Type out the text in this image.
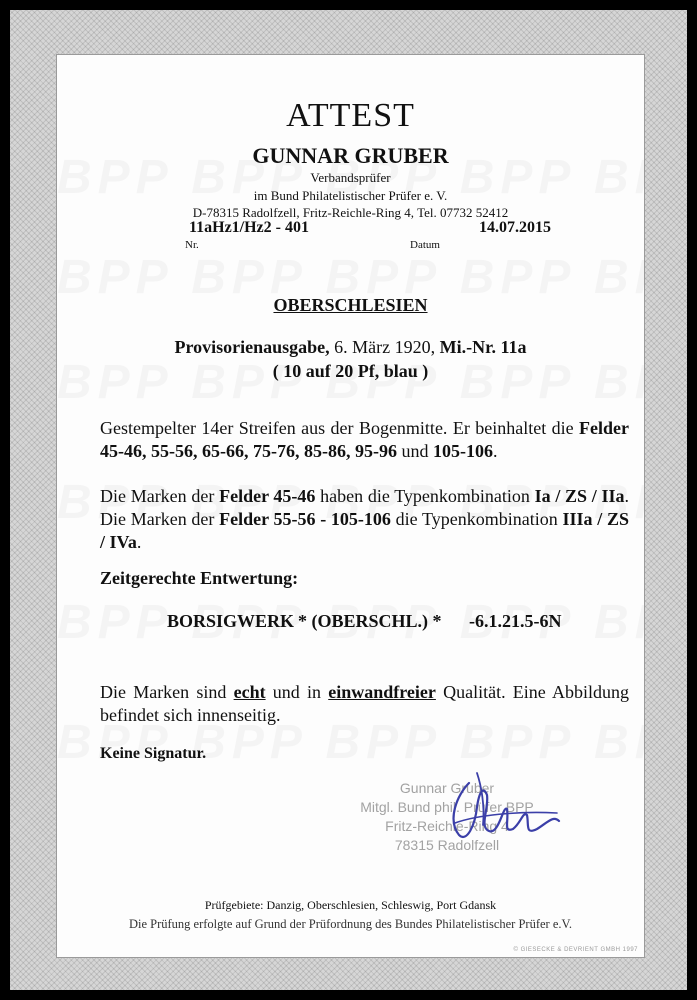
ATTEST
GUNNAR GRUBER
Verbandsprüfer
im Bund Philatelistischer Prüfer e. V.
D-78315 Radolfzell, Fritz-Reichle-Ring 4, Tel. 07732 52412
11aHz1/Hz2 - 401	14.07.2015
Nr.	Datum
OBERSCHLESIEN
Provisorienausgabe, 6. März 1920, Mi.-Nr. 11a
( 10 auf 20 Pf, blau )
Gestempelter 14er Streifen aus der Bogenmitte. Er beinhaltet die Felder 45-46, 55-56, 65-66, 75-76, 85-86, 95-96 und 105-106.
Die Marken der Felder 45-46 haben die Typenkombination Ia / ZS / IIa. Die Marken der Felder 55-56 - 105-106 die Typenkombination IIIa / ZS / IVa.
Zeitgerechte Entwertung:
BORSIGWERK * (OBERSCHL.) * -6.1.21.5-6N
Die Marken sind echt und in einwandfreier Qualität. Eine Abbildung befindet sich innenseitig.
Keine Signatur.
Gunnar Gruber
Mitgl. Bund phil. Prüfer BPP
Fritz-Reichle-Ring 4
78315 Radolfzell
Prüfgebiete: Danzig, Oberschlesien, Schleswig, Port Gdansk
Die Prüfung erfolgte auf Grund der Prüfordnung des Bundes Philatelistischer Prüfer e.V.
© GIESECKE & DEVRIENT GMBH 1997
